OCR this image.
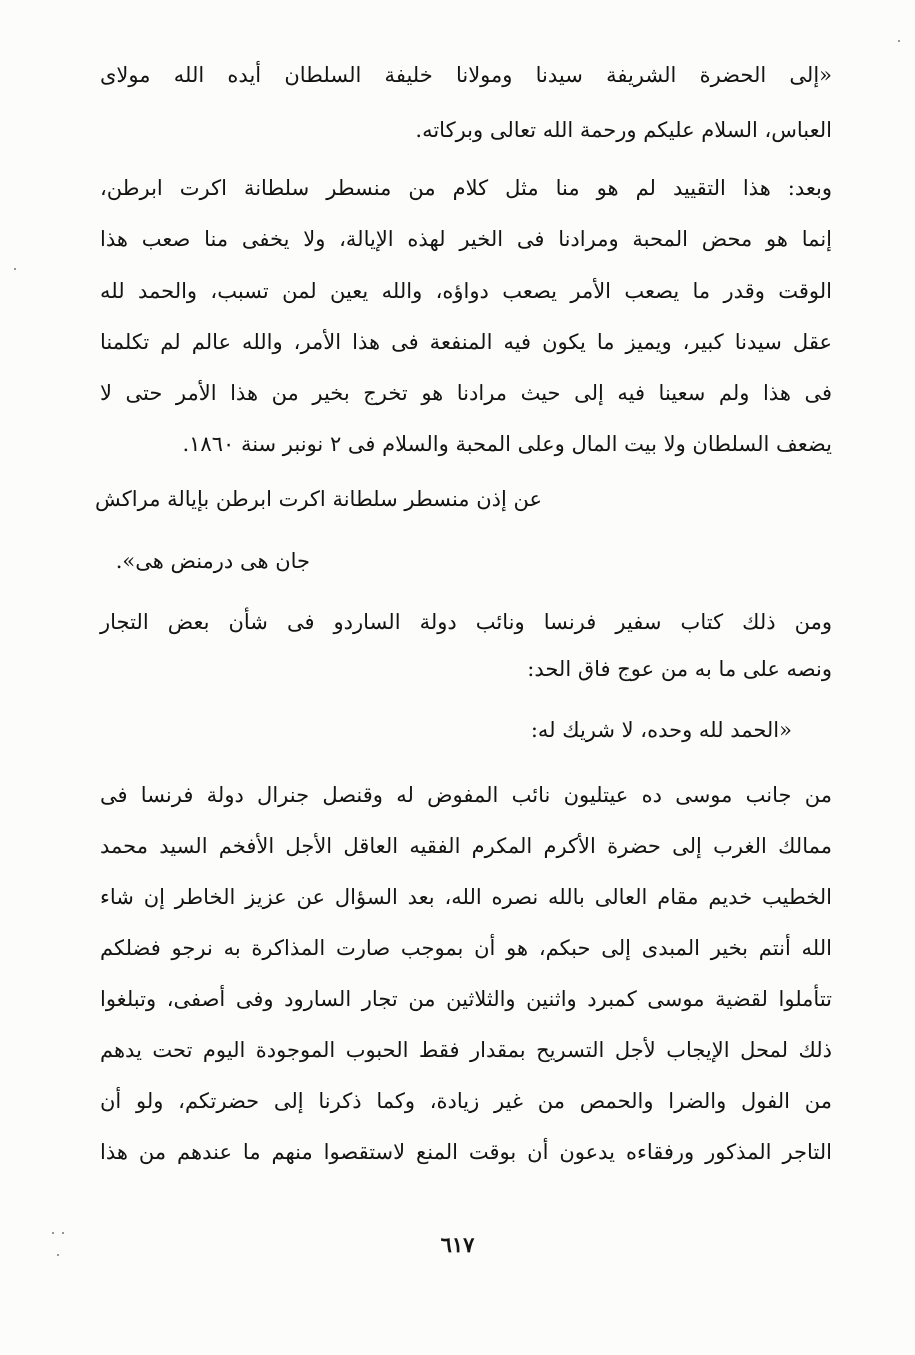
«إلى الحضرة الشريفة سيدنا ومولانا خليفة السلطان أيده الله مولاى
العباس، السلام عليكم ورحمة الله تعالى وبركاته.
وبعد: هذا التقييد لم هو منا مثل كلام من منسطر سلطانة اكرت ابرطن،
إنما هو محض المحبة ومرادنا فى الخير لهذه الإيالة، ولا يخفى منا صعب هذا
الوقت وقدر ما يصعب الأمر يصعب دواؤه، والله يعين لمن تسبب، والحمد لله
عقل سيدنا كبير، ويميز ما يكون فيه المنفعة فى هذا الأمر، والله عالم لم تكلمنا
فى هذا ولم سعينا فيه إلى حيث مرادنا هو تخرج بخير من هذا الأمر حتى لا
يضعف السلطان ولا بيت المال وعلى المحبة والسلام فى ٢ نونبر سنة ١٨٦٠.
عن إذن منسطر سلطانة اكرت ابرطن بإيالة مراكش
جان هى درمنض هى».
ومن ذلك كتاب سفير فرنسا ونائب دولة الساردو فى شأن بعض التجار
ونصه على ما به من عوج فاق الحد:
«الحمد لله وحده، لا شريك له:
من جانب موسى ده عيتليون نائب المفوض له وقنصل جنرال دولة فرنسا فى
ممالك الغرب إلى حضرة الأكرم المكرم الفقيه العاقل الأجل الأفخم السيد محمد
الخطيب خديم مقام العالى بالله نصره الله، بعد السؤال عن عزيز الخاطر إن شاء
الله أنتم بخير المبدى إلى حبكم، هو أن بموجب صارت المذاكرة به نرجو فضلكم
تتأملوا لقضية موسى كمبرد واثنين والثلاثين من تجار السارود وفى أصفى، وتبلغوا
ذلك لمحل الإيجاب لأجل التسريح بمقدار فقط الحبوب الموجودة اليوم تحت يدهم
من الفول والضرا والحمص من غير زيادة، وكما ذكرنا إلى حضرتكم، ولو أن
التاجر المذكور ورفقاءه يدعون أن بوقت المنع لاستقصوا منهم ما عندهم من هذا
٦١٧
